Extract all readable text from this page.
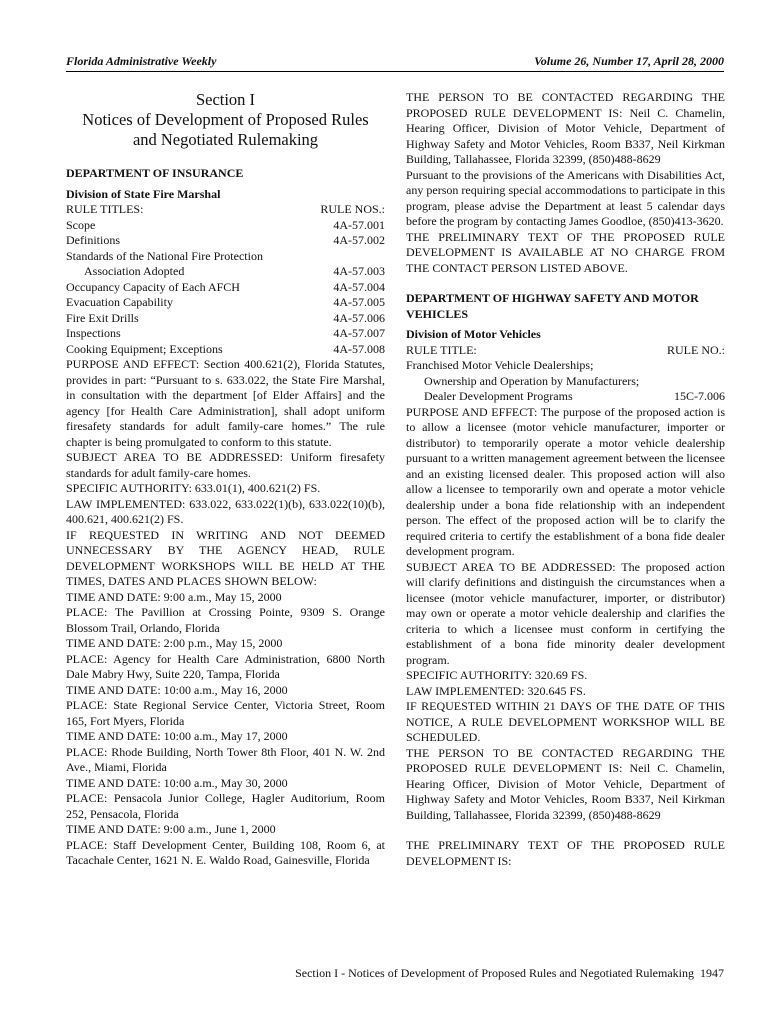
Florida Administrative Weekly	Volume 26, Number 17, April 28, 2000

Section I
Notices of Development of Proposed Rules
and Negotiated Rulemaking

DEPARTMENT OF INSURANCE

Division of State Fire Marshal

RULE TITLES:	RULE NOS.:
Scope	4A-57.001
Definitions	4A-57.002
Standards of the National Fire Protection
Association Adopted	4A-57.003
Occupancy Capacity of Each AFCH	4A-57.004
Evacuation Capability	4A-57.005
Fire Exit Drills	4A-57.006
Inspections	4A-57.007
Cooking Equipment; Exceptions	4A-57.008

PURPOSE AND EFFECT: Section 400.621(2), Florida Statutes, provides in part: “Pursuant to s. 633.022, the State Fire Marshal, in consultation with the department [of Elder Affairs] and the agency [for Health Care Administration], shall adopt uniform firesafety standards for adult family-care homes.” The rule chapter is being promulgated to conform to this statute.

SUBJECT AREA TO BE ADDRESSED: Uniform firesafety standards for adult family-care homes.

SPECIFIC AUTHORITY: 633.01(1), 400.621(2) FS.

LAW IMPLEMENTED: 633.022, 633.022(1)(b), 633.022(10)(b), 400.621, 400.621(2) FS.

IF REQUESTED IN WRITING AND NOT DEEMED UNNECESSARY BY THE AGENCY HEAD, RULE DEVELOPMENT WORKSHOPS WILL BE HELD AT THE TIMES, DATES AND PLACES SHOWN BELOW:

TIME AND DATE: 9:00 a.m., May 15, 2000

PLACE: The Pavillion at Crossing Pointe, 9309 S. Orange Blossom Trail, Orlando, Florida

TIME AND DATE: 2:00 p.m., May 15, 2000

PLACE: Agency for Health Care Administration, 6800 North Dale Mabry Hwy, Suite 220, Tampa, Florida

TIME AND DATE: 10:00 a.m., May 16, 2000

PLACE: State Regional Service Center, Victoria Street, Room 165, Fort Myers, Florida

TIME AND DATE: 10:00 a.m., May 17, 2000

PLACE: Rhode Building, North Tower 8th Floor, 401 N. W. 2nd Ave., Miami, Florida

TIME AND DATE: 10:00 a.m., May 30, 2000

PLACE: Pensacola Junior College, Hagler Auditorium, Room 252, Pensacola, Florida

TIME AND DATE: 9:00 a.m., June 1, 2000

PLACE: Staff Development Center, Building 108, Room 6, at Tacachale Center, 1621 N. E. Waldo Road, Gainesville, Florida

THE PERSON TO BE CONTACTED REGARDING THE PROPOSED RULE DEVELOPMENT IS: Neil C. Chamelin, Hearing Officer, Division of Motor Vehicle, Department of Highway Safety and Motor Vehicles, Room B337, Neil Kirkman Building, Tallahassee, Florida 32399, (850)488-8629

Pursuant to the provisions of the Americans with Disabilities Act, any person requiring special accommodations to participate in this program, please advise the Department at least 5 calendar days before the program by contacting James Goodloe, (850)413-3620.

THE PRELIMINARY TEXT OF THE PROPOSED RULE DEVELOPMENT IS AVAILABLE AT NO CHARGE FROM THE CONTACT PERSON LISTED ABOVE.

DEPARTMENT OF HIGHWAY SAFETY AND MOTOR VEHICLES

Division of Motor Vehicles

RULE TITLE:	RULE NO.:

Franchised Motor Vehicle Dealerships;

Ownership and Operation by Manufacturers;

Dealer Development Programs	15C-7.006

PURPOSE AND EFFECT: The purpose of the proposed action is to allow a licensee (motor vehicle manufacturer, importer or distributor) to temporarily operate a motor vehicle dealership pursuant to a written management agreement between the licensee and an existing licensed dealer. This proposed action will also allow a licensee to temporarily own and operate a motor vehicle dealership under a bona fide relationship with an independent person. The effect of the proposed action will be to clarify the required criteria to certify the establishment of a bona fide dealer development program.

SUBJECT AREA TO BE ADDRESSED: The proposed action will clarify definitions and distinguish the circumstances when a licensee (motor vehicle manufacturer, importer, or distributor) may own or operate a motor vehicle dealership and clarifies the criteria to which a licensee must conform in certifying the establishment of a bona fide minority dealer development program.

SPECIFIC AUTHORITY: 320.69 FS.

LAW IMPLEMENTED: 320.645 FS.

IF REQUESTED WITHIN 21 DAYS OF THE DATE OF THIS NOTICE, A RULE DEVELOPMENT WORKSHOP WILL BE SCHEDULED.

THE PERSON TO BE CONTACTED REGARDING THE PROPOSED RULE DEVELOPMENT IS: Neil C. Chamelin, Hearing Officer, Division of Motor Vehicle, Department of Highway Safety and Motor Vehicles, Room B337, Neil Kirkman Building, Tallahassee, Florida 32399, (850)488-8629

THE PRELIMINARY TEXT OF THE PROPOSED RULE DEVELOPMENT IS:

Section I - Notices of Development of Proposed Rules and Negotiated Rulemaking 1947
